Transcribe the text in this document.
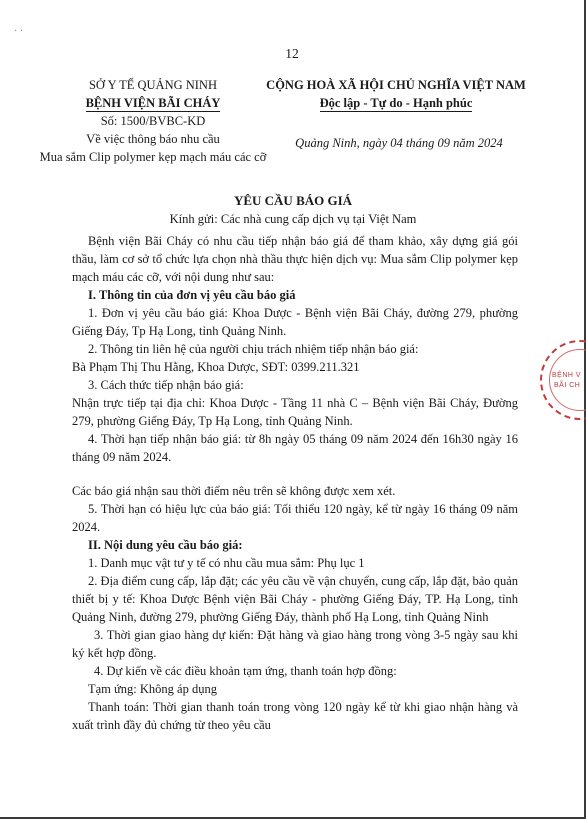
· ·
12
SỞ Y TẾ QUẢNG NINH
BỆNH VIỆN BÃI CHÁY
Số: 1500/BVBC-KD
Về việc thông báo nhu cầu
Mua sắm Clip polymer kẹp mạch máu các cỡ
CỘNG HOÀ XÃ HỘI CHỦ NGHĨA VIỆT NAM
Độc lập - Tự do - Hạnh phúc
Quảng Ninh, ngày 04 tháng 09 năm 2024
YÊU CẦU BÁO GIÁ
Kính gửi: Các nhà cung cấp dịch vụ tại Việt Nam

Bệnh viện Bãi Cháy có nhu cầu tiếp nhận báo giá để tham khảo, xây dựng giá gói thầu, làm cơ sở tổ chức lựa chọn nhà thầu thực hiện dịch vụ: Mua sắm Clip polymer kẹp mạch máu các cỡ, với nội dung như sau:

I. Thông tin của đơn vị yêu cầu báo giá

1. Đơn vị yêu cầu báo giá: Khoa Dược - Bệnh viện Bãi Cháy, đường 279, phường Giếng Đáy, Tp Hạ Long, tỉnh Quảng Ninh.

2. Thông tin liên hệ của người chịu trách nhiệm tiếp nhận báo giá:

Bà Phạm Thị Thu Hằng, Khoa Dược, SĐT: 0399.211.321

3. Cách thức tiếp nhận báo giá:

Nhận trực tiếp tại địa chỉ: Khoa Dược - Tầng 11 nhà C – Bệnh viện Bãi Cháy, Đường 279, phường Giếng Đáy, Tp Hạ Long, tỉnh Quảng Ninh.

4. Thời hạn tiếp nhận báo giá: từ 8h ngày 05 tháng 09 năm 2024 đến 16h30 ngày 16 tháng 09 năm 2024.

Các báo giá nhận sau thời điểm nêu trên sẽ không được xem xét.

5. Thời hạn có hiệu lực của báo giá: Tối thiểu 120 ngày, kể từ ngày 16 tháng 09 năm 2024.

II. Nội dung yêu cầu báo giá:

1. Danh mục vật tư y tế có nhu cầu mua sắm: Phụ lục 1

2. Địa điểm cung cấp, lắp đặt; các yêu cầu về vận chuyển, cung cấp, lắp đặt, bảo quản thiết bị y tế: Khoa Dược Bệnh viện Bãi Cháy - phường Giếng Đáy, TP. Hạ Long, tỉnh Quảng Ninh, đường 279, phường Giếng Đáy, thành phố Hạ Long, tỉnh Quảng Ninh

3. Thời gian giao hàng dự kiến: Đặt hàng và giao hàng trong vòng 3-5 ngày sau khi ký kết hợp đồng.

4. Dự kiến về các điều khoản tạm ứng, thanh toán hợp đồng:

Tạm ứng: Không áp dụng

Thanh toán: Thời gian thanh toán trong vòng 120 ngày kể từ khi giao nhận hàng và xuất trình đầy đủ chứng từ theo yêu cầu

BỆNH V
BÃI CH
